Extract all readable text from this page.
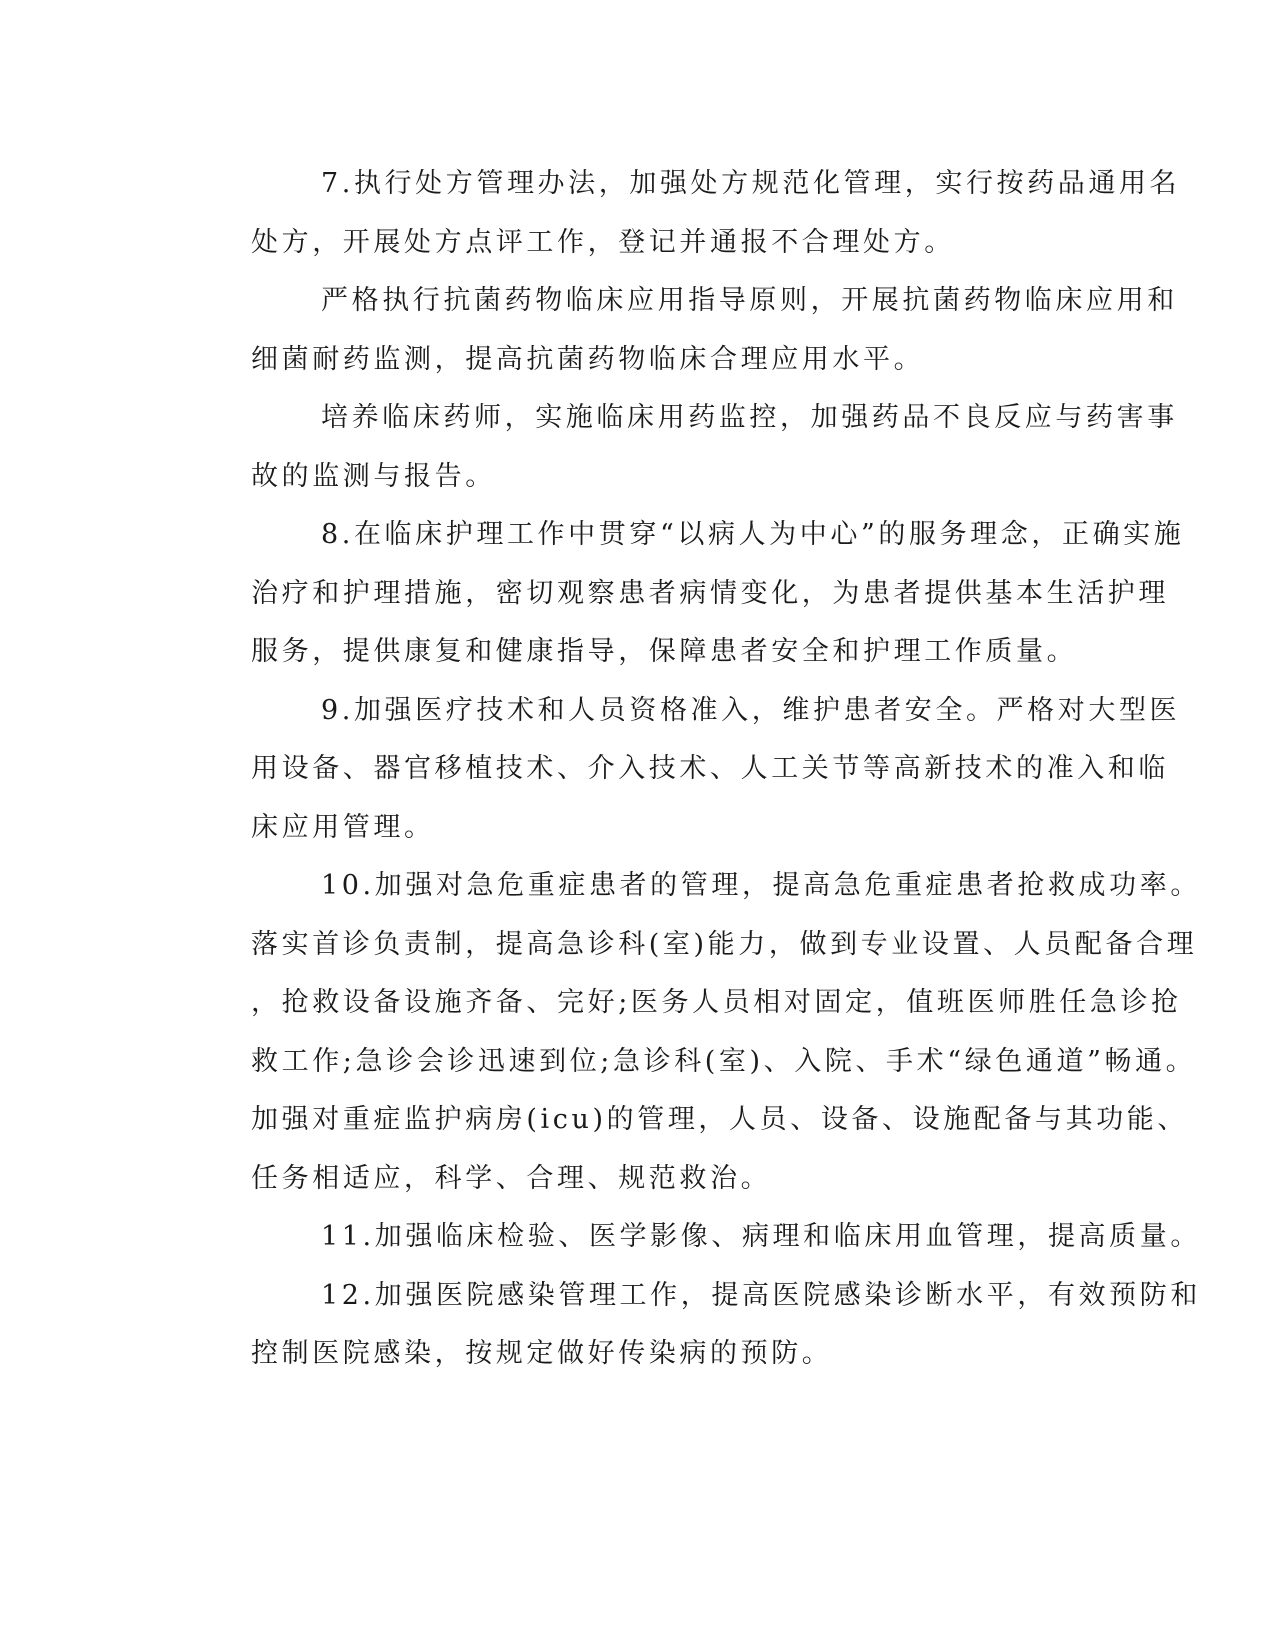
7.执行处方管理办法，加强处方规范化管理，实行按药品通用名
处方，开展处方点评工作，登记并通报不合理处方。
严格执行抗菌药物临床应用指导原则，开展抗菌药物临床应用和
细菌耐药监测，提高抗菌药物临床合理应用水平。
培养临床药师，实施临床用药监控，加强药品不良反应与药害事
故的监测与报告。
8.在临床护理工作中贯穿“以病人为中心”的服务理念，正确实施
治疗和护理措施，密切观察患者病情变化，为患者提供基本生活护理
服务，提供康复和健康指导，保障患者安全和护理工作质量。
9.加强医疗技术和人员资格准入，维护患者安全。严格对大型医
用设备、器官移植技术、介入技术、人工关节等高新技术的准入和临
床应用管理。
10.加强对急危重症患者的管理，提高急危重症患者抢救成功率。
落实首诊负责制，提高急诊科(室)能力，做到专业设置、人员配备合理
，抢救设备设施齐备、完好;医务人员相对固定，值班医师胜任急诊抢
救工作;急诊会诊迅速到位;急诊科(室)、入院、手术“绿色通道”畅通。
加强对重症监护病房(icu)的管理，人员、设备、设施配备与其功能、
任务相适应，科学、合理、规范救治。
11.加强临床检验、医学影像、病理和临床用血管理，提高质量。
12.加强医院感染管理工作，提高医院感染诊断水平，有效预防和
控制医院感染，按规定做好传染病的预防。
